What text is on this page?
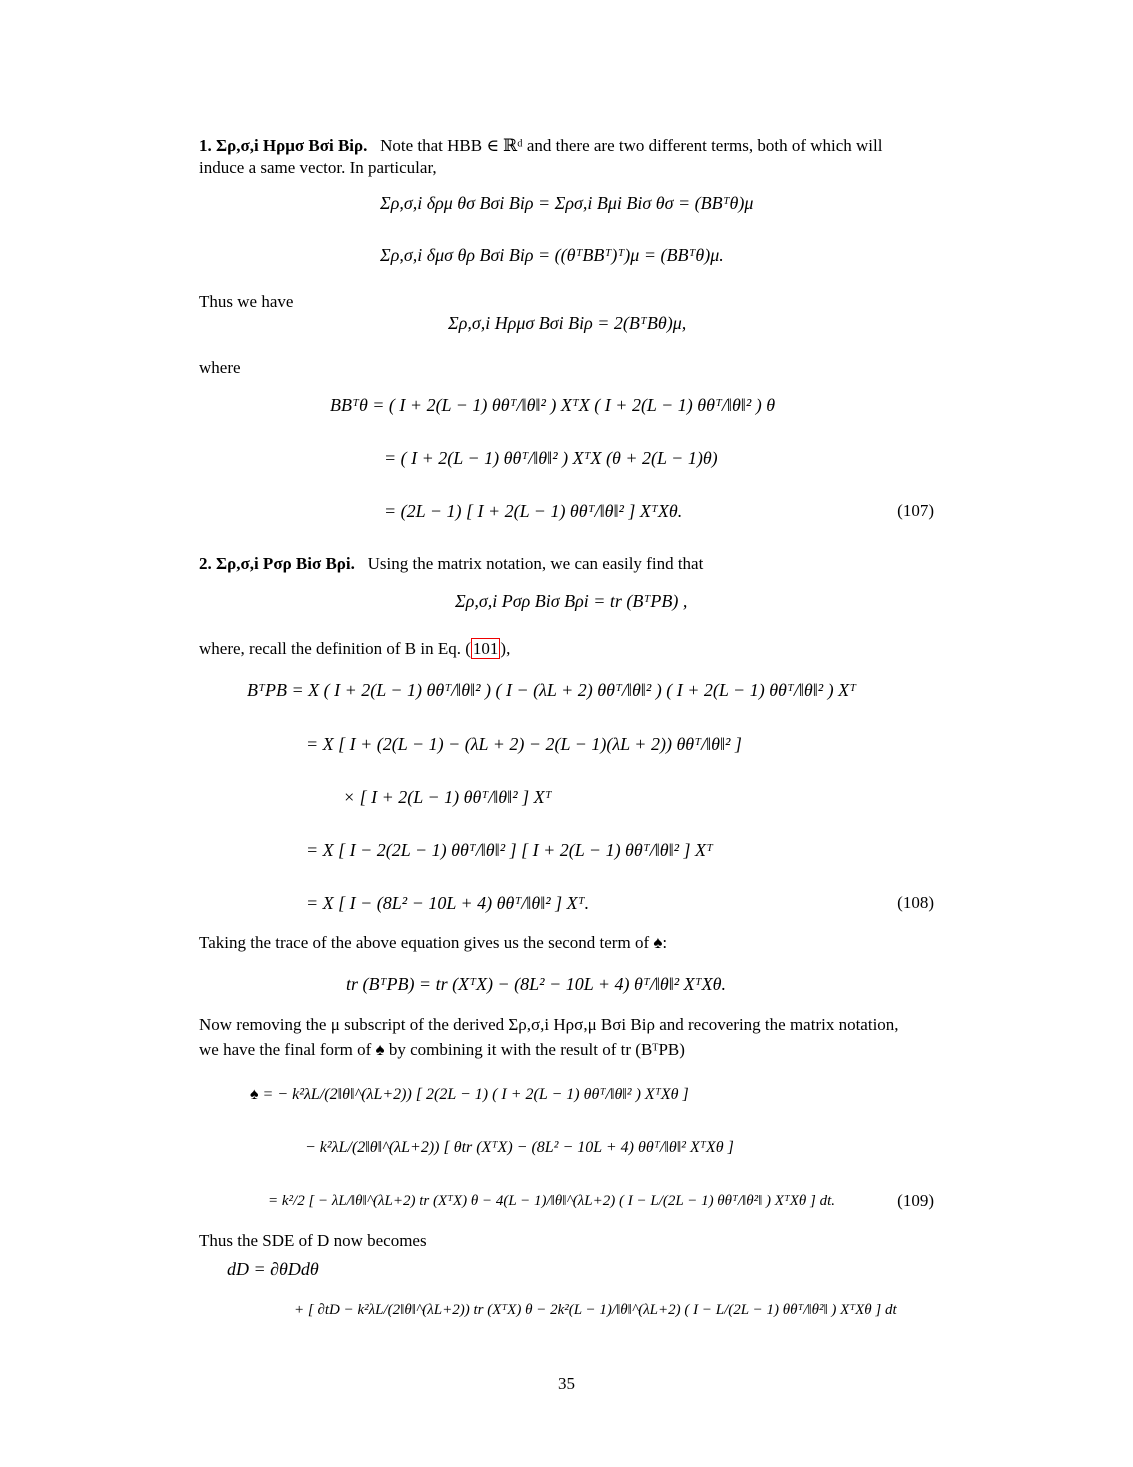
1. Σρ,σ,i Hρμσ Bσi Biρ. Note that HBB ∈ ℝᵈ and there are two different terms, both of which will
induce a same vector. In particular,
Σρ,σ,i δρμ θσ Bσi Biρ = Σρσ,i Bμi Biσ θσ = (BBᵀθ)μ
Σρ,σ,i δμσ θρ Bσi Biρ = ((θᵀBBᵀ)ᵀ)μ = (BBᵀθ)μ.
Thus we have
Σρ,σ,i Hρμσ Bσi Biρ = 2(BᵀBθ)μ,
where
BBᵀθ = ( I + 2(L − 1) θθᵀ/‖θ‖² ) XᵀX ( I + 2(L − 1) θθᵀ/‖θ‖² ) θ
= ( I + 2(L − 1) θθᵀ/‖θ‖² ) XᵀX (θ + 2(L − 1)θ)
= (2L − 1) [ I + 2(L − 1) θθᵀ/‖θ‖² ] XᵀXθ.	(107)
2. Σρ,σ,i Pσρ Biσ Bρi. Using the matrix notation, we can easily find that
Σρ,σ,i Pσρ Biσ Bρi = tr (BᵀPB) ,
where, recall the definition of B in Eq. ( 101 ),
BᵀPB = X ( I + 2(L − 1) θθᵀ/‖θ‖² ) ( I − (λL + 2) θθᵀ/‖θ‖² ) ( I + 2(L − 1) θθᵀ/‖θ‖² ) Xᵀ
= X [ I + (2(L − 1) − (λL + 2) − 2(L − 1)(λL + 2)) θθᵀ/‖θ‖² ]
× [ I + 2(L − 1) θθᵀ/‖θ‖² ] Xᵀ
= X [ I − 2(2L − 1) θθᵀ/‖θ‖² ] [ I + 2(L − 1) θθᵀ/‖θ‖² ] Xᵀ
= X [ I − (8L² − 10L + 4) θθᵀ/‖θ‖² ] Xᵀ.	(108)
Taking the trace of the above equation gives us the second term of ♠:
tr (BᵀPB) = tr (XᵀX) − (8L² − 10L + 4) θᵀ/‖θ‖² XᵀXθ.
Now removing the μ subscript of the derived Σρ,σ,i Hρσ,μ Bσi Biρ and recovering the matrix notation,
we have the final form of ♠ by combining it with the result of tr (BᵀPB)
♠ = − k²λL/(2‖θ‖^(λL+2)) [ 2(2L − 1) ( I + 2(L − 1) θθᵀ/‖θ‖² ) XᵀXθ ]
− k²λL/(2‖θ‖^(λL+2)) [ θtr (XᵀX) − (8L² − 10L + 4) θθᵀ/‖θ‖² XᵀXθ ]
= k²/2 [ − λL/‖θ‖^(λL+2) tr (XᵀX) θ − 4(L − 1)/‖θ‖^(λL+2) ( I − L/(2L − 1) θθᵀ/‖θ²‖ ) XᵀXθ ] dt.	(109)
Thus the SDE of D now becomes
dD = ∂θDdθ
+ [ ∂tD − k²λL/(2‖θ‖^(λL+2)) tr (XᵀX) θ − 2k²(L − 1)/‖θ‖^(λL+2) ( I − L/(2L − 1) θθᵀ/‖θ²‖ ) XᵀXθ ] dt
35
